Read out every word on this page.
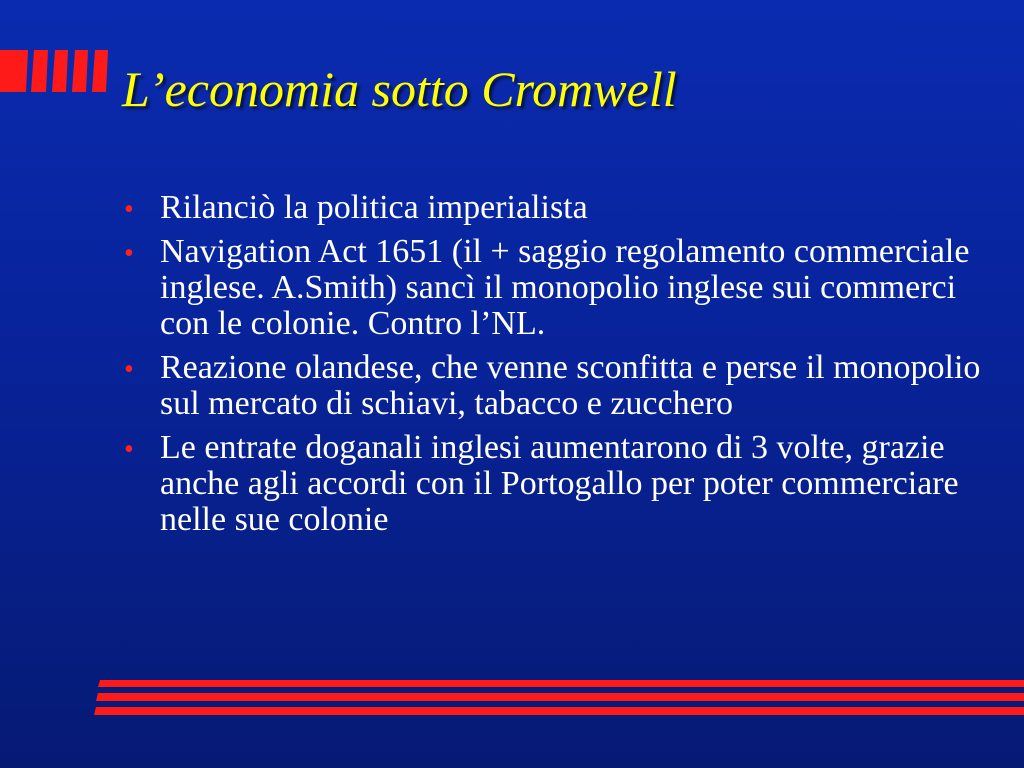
L’economia sotto Cromwell
• Rilanciò la politica imperialista
• Navigation Act 1651 (il + saggio regolamento commerciale inglese. A.Smith) sancì il monopolio inglese sui commerci con le colonie. Contro l’NL.
• Reazione olandese, che venne sconfitta e perse il monopolio sul mercato di schiavi, tabacco e zucchero
• Le entrate doganali inglesi aumentarono di 3 volte, grazie anche agli accordi con il Portogallo per poter commerciare nelle sue colonie
